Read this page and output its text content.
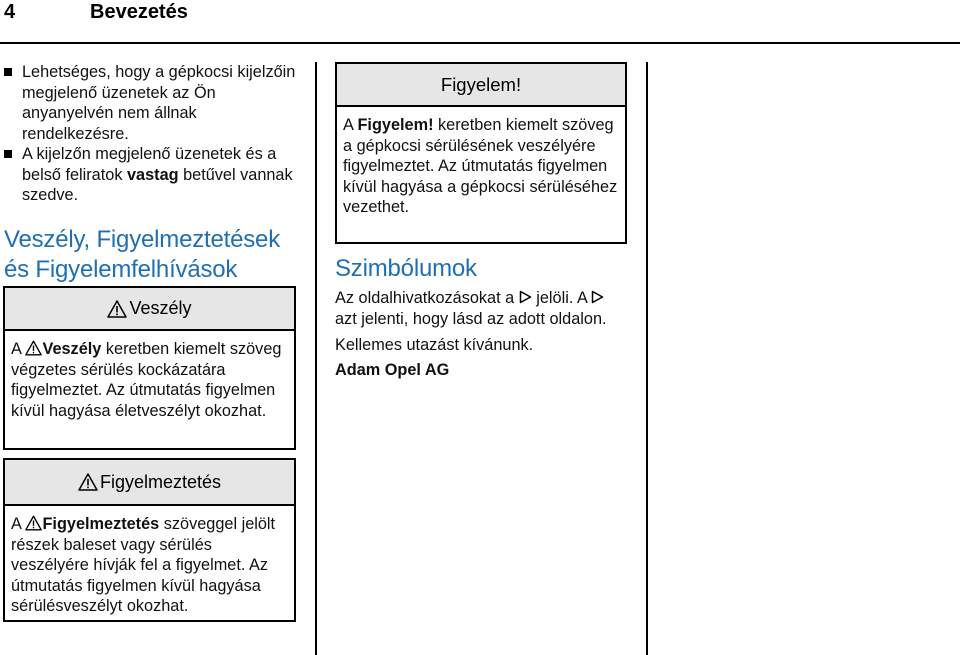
4	Bevezetés
Lehetséges, hogy a gépkocsi kijelzőin megjelenő üzenetek az Ön anyanyelvén nem állnak rendelkezésre.
A kijelzőn megjelenő üzenetek és a belső feliratok vastag betűvel vannak szedve.
Veszély, Figyelmeztetések
és Figyelemfelhívások
Veszély
A Veszély keretben kiemelt szöveg végzetes sérülés kockázatára figyelmeztet. Az útmutatás figyelmen kívül hagyása életveszélyt okozhat.
Figyelmeztetés
A Figyelmeztetés szöveggel jelölt részek baleset vagy sérülés veszélyére hívják fel a figyelmet. Az útmutatás figyelmen kívül hagyása sérülésveszélyt okozhat.
Figyelem!
A Figyelem! keretben kiemelt szöveg a gépkocsi sérülésének veszélyére figyelmeztet. Az útmutatás figyelmen kívül hagyása a gépkocsi sérüléséhez vezethet.
Szimbólumok

Az oldalhivatkozásokat a  jelöli. A  azt jelenti, hogy lásd az adott oldalon.

Kellemes utazást kívánunk.

Adam Opel AG
